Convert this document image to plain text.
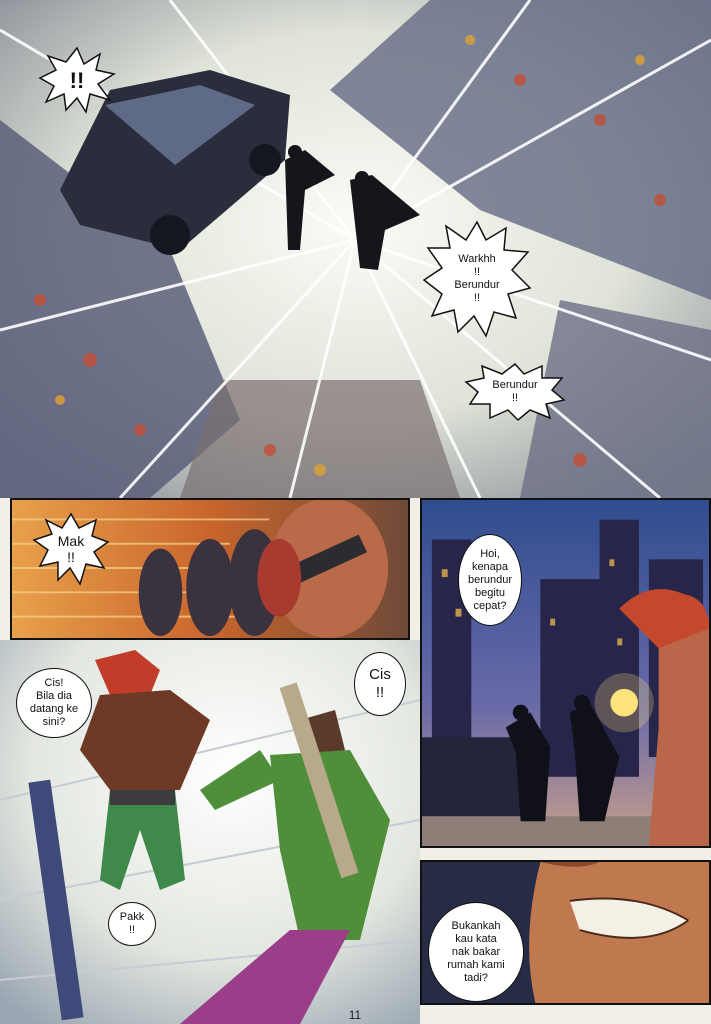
!!
Warkhh
!!
Berundur
!!
Berundur
!!
Mak
!!	Hoi,
kenapa
berundur
begitu
cepat?
Cis!
Bila dia
datang ke
sini?
Cis
!!
Pakk
!!	Bukankah
kau kata
nak bakar
rumah kami
tadi?
11
